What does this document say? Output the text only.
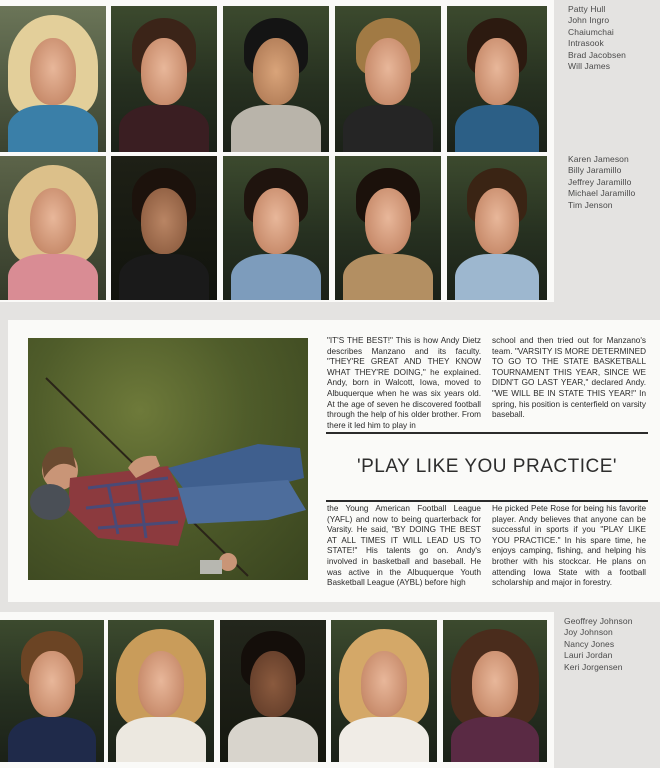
Patty Hull
John Ingro
Chaiumchai
Intrasook
Brad Jacobsen
Will James
Karen Jameson
Billy Jaramillo
Jeffrey Jaramillo
Michael Jaramillo
Tim Jenson
"IT'S THE BEST!" This is how Andy Dietz describes Manzano and its faculty. "THEY'RE GREAT AND THEY KNOW WHAT THEY'RE DOING," he explained. Andy, born in Walcott, Iowa, moved to Albuquerque when he was six years old. At the age of seven he discovered football through the help of his older brother. From there it led him to play in
school and then tried out for Manzano's team. "VARSITY IS MORE DETERMINED TO GO TO THE STATE BASKETBALL TOURNAMENT THIS YEAR, SINCE WE DIDN'T GO LAST YEAR," declared Andy. "WE WILL BE IN STATE THIS YEAR!" In spring, his position is centerfield on varsity baseball.
'PLAY LIKE YOU PRACTICE'
the Young American Football League (YAFL) and now to being quarterback for Varsity. He said, "BY DOING THE BEST AT ALL TIMES IT WILL LEAD US TO STATE!" His talents go on. Andy's involved in basketball and baseball. He was active in the Albuquerque Youth Basketball League (AYBL) before high
He picked Pete Rose for being his favorite player. Andy believes that anyone can be successful in sports if you "PLAY LIKE YOU PRACTICE." In his spare time, he enjoys camping, fishing, and helping his brother with his stockcar. He plans on attending Iowa State with a football scholarship and major in forestry.
Geoffrey Johnson
Joy Johnson
Nancy Jones
Lauri Jordan
Keri Jorgensen
